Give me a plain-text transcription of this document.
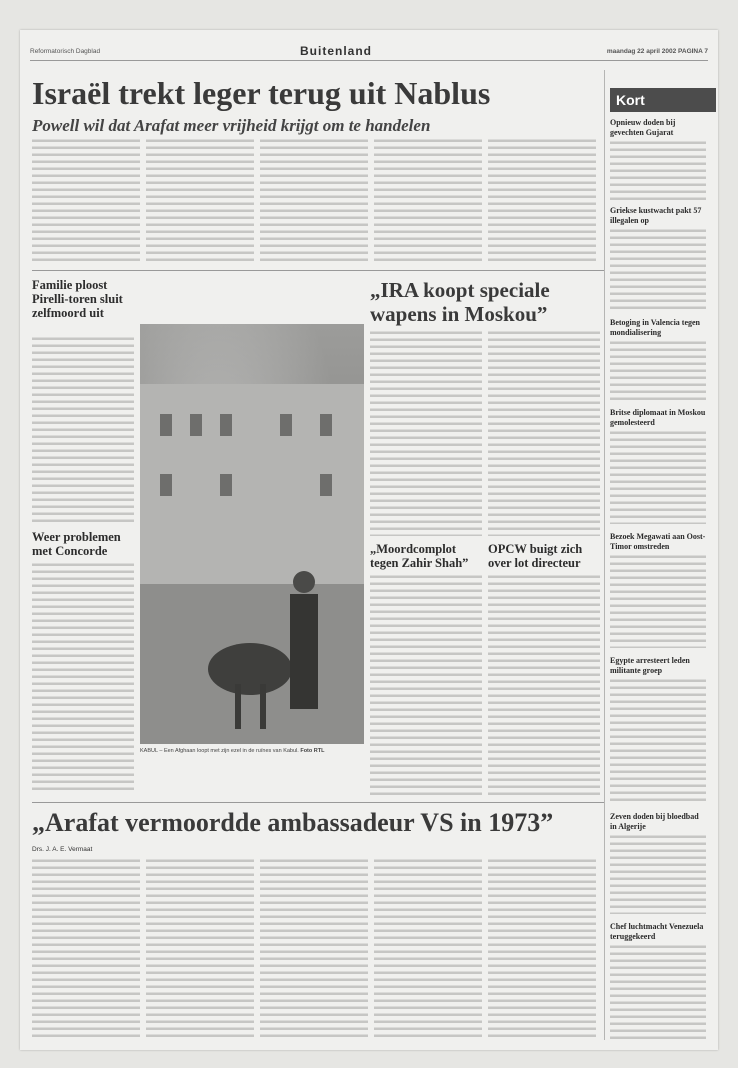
Reformatorisch Dagblad	Buitenland	maandag 22 april 2002 PAGINA 7
Israël trekt leger terug uit Nablus
Powell wil dat Arafat meer vrijheid krijgt om te handelen
Kort
Opnieuw doden bij gevechten Gujarat
Griekse kustwacht pakt 57 illegalen op
Betoging in Valencia tegen mondialisering
Britse diplomaat in Moskou gemolesteerd
Bezoek Megawati aan Oost-Timor omstreden
Egypte arresteert leden militante groep
Zeven doden bij bloedbad in Algerije
Chef luchtmacht Venezuela teruggekeerd
Familie ploost Pirelli-toren sluit zelfmoord uit
Weer problemen met Concorde
„IRA koopt speciale wapens in Moskou”
KABUL – Een Afghaan loopt met zijn ezel in de ruïnes van Kabul. Foto RTL
„Moordcomplot tegen Zahir Shah”
OPCW buigt zich over lot directeur
„Arafat vermoordde ambassadeur VS in 1973”
Drs. J. A. E. Vermaat
